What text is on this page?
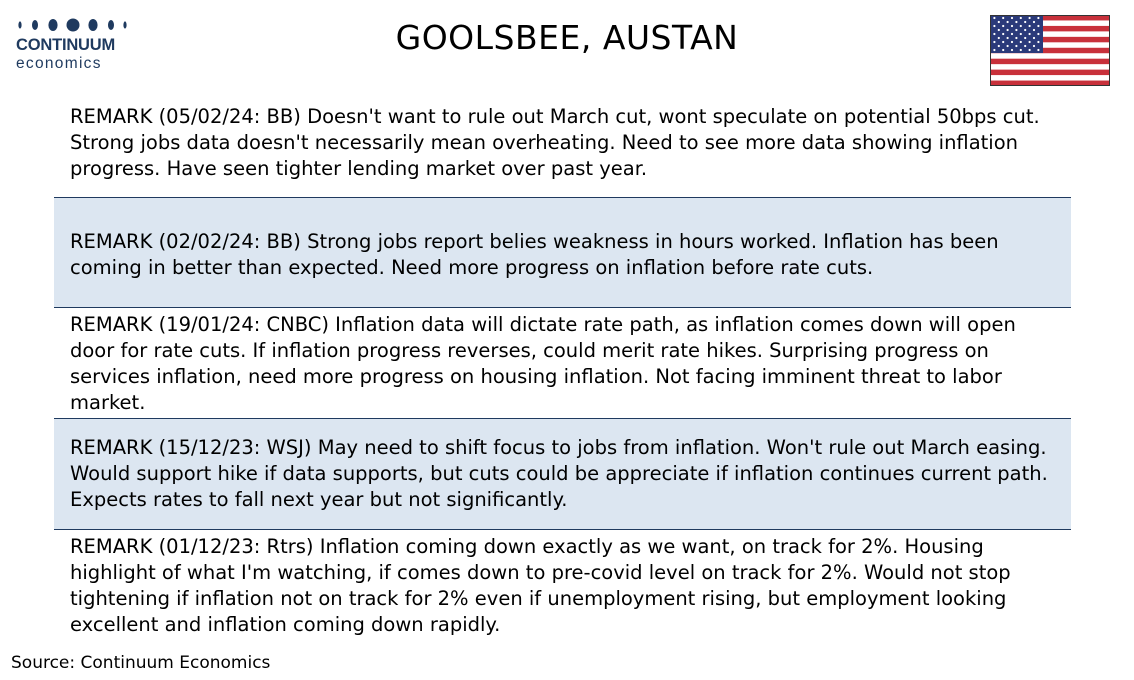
CONTINUUM
economics
GOOLSBEE, AUSTAN
REMARK (05/02/24: BB) Doesn't want to rule out March cut, wont speculate on potential 50bps cut. Strong jobs data doesn't necessarily mean overheating. Need to see more data showing inflation progress. Have seen tighter lending market over past year.
REMARK (02/02/24: BB) Strong jobs report belies weakness in hours worked. Inflation has been coming in better than expected. Need more progress on inflation before rate cuts.
REMARK (19/01/24: CNBC) Inflation data will dictate rate path, as inflation comes down will open door for rate cuts. If inflation progress reverses, could merit rate hikes. Surprising progress on services inflation, need more progress on housing inflation. Not facing imminent threat to labor market.
REMARK (15/12/23: WSJ) May need to shift focus to jobs from inflation. Won't rule out March easing. Would support hike if data supports, but cuts could be appreciate if inflation continues current path. Expects rates to fall next year but not significantly.
REMARK (01/12/23: Rtrs) Inflation coming down exactly as we want, on track for 2%. Housing highlight of what I'm watching, if comes down to pre-covid level on track for 2%. Would not stop tightening if inflation not on track for 2% even if unemployment rising, but employment looking excellent and inflation coming down rapidly.
Source: Continuum Economics
